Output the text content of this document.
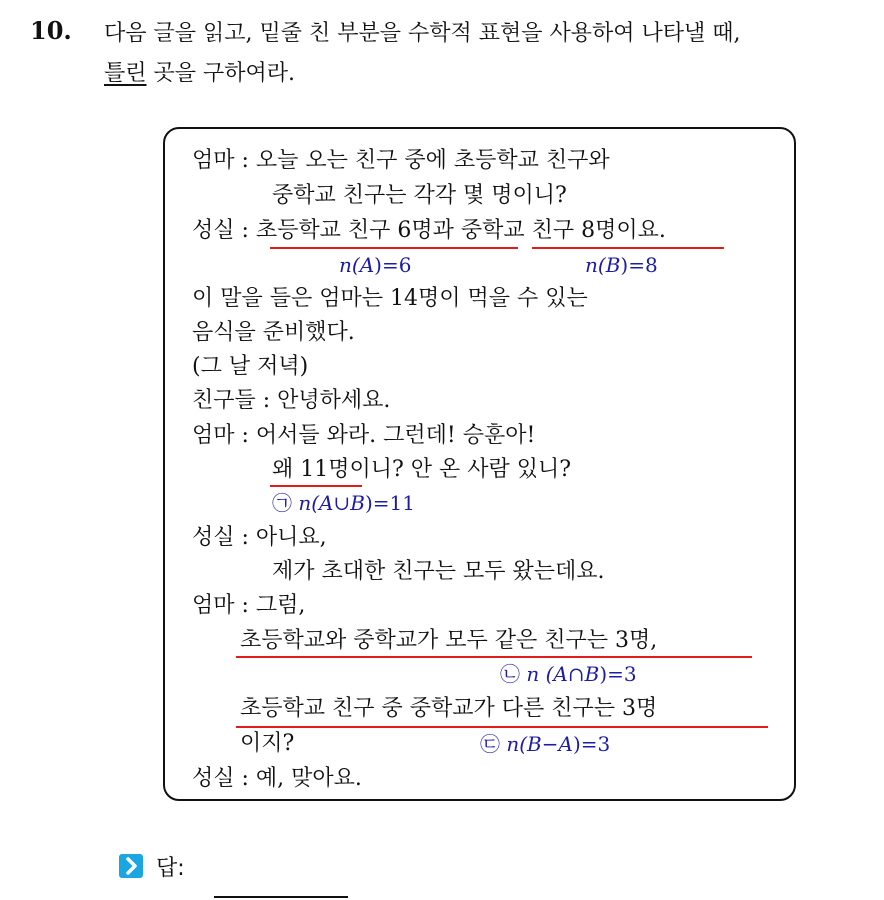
10. 다음 글을 읽고, 밑줄 친 부분을 수학적 표현을 사용하여 나타낼 때,
틀린 곳을 구하여라.
엄마 : 오늘 오는 친구 중에 초등학교 친구와
중학교 친구는 각각 몇 명이니?
성실 : 초등학교 친구 6명과 중학교 친구 8명이요.
n(A)=6	n(B)=8
이 말을 들은 엄마는 14명이 먹을 수 있는
음식을 준비했다.
(그 날 저녁)
친구들 : 안녕하세요.
엄마 : 어서들 와라. 그런데! 승훈아!
왜 11명이니? 안 온 사람 있니?
㉠ n(A∪B)=11
성실 : 아니요,
제가 초대한 친구는 모두 왔는데요.
엄마 : 그럼,
초등학교와 중학교가 모두 같은 친구는 3명,
㉡ n (A∩B)=3
초등학교 친구 중 중학교가 다른 친구는 3명
이지?	㉢ n(B−A)=3
성실 : 예, 맞아요.
답:
